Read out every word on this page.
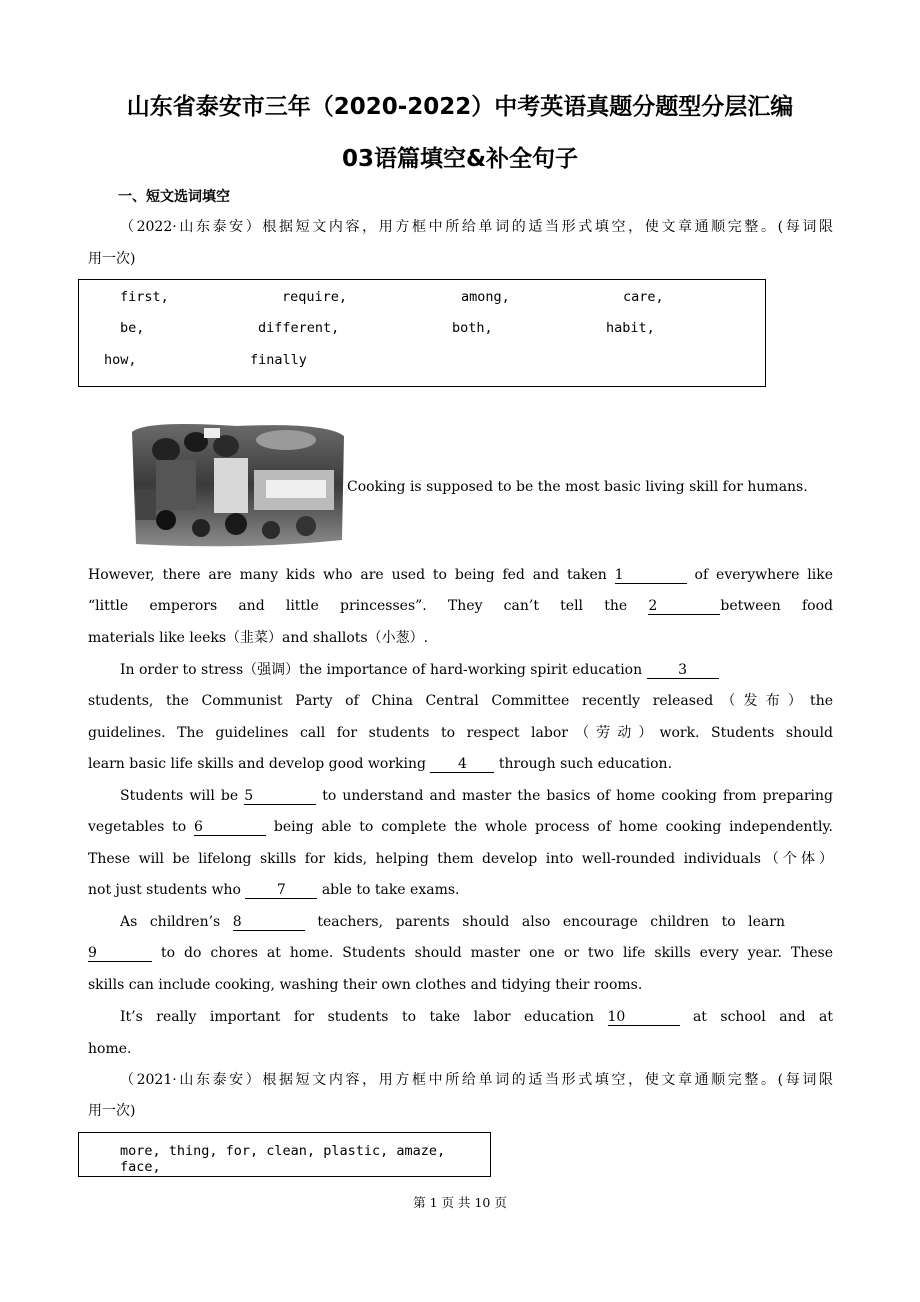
山东省泰安市三年（2020-2022）中考英语真题分题型分层汇编
03语篇填空&补全句子
一、短文选词填空
（2022·山东泰安）根据短文内容，用方框中所给单词的适当形式填空，使文章通顺完整。(每词限
用一次)
first,	require,	among,	care,
be,	different,	both,	habit,
how,	finally
Cooking is supposed to be the most basic living skill for humans.
However, there are many kids who are used to being fed and taken 1	of everywhere like
“little emperors and little princesses”. They can’t tell the 2	between food
materials like leeks（韭菜）and shallots（小葱）.
In order to stress（强调）the importance of hard-working spirit education 3
students, the Communist Party of China Central Committee recently released（发布）the
guidelines. The guidelines call for students to respect labor（劳动）work. Students should
learn basic life skills and develop good working 4 through such education.
Students will be 5	to understand and master the basics of home cooking from preparing
vegetables to 6	being able to complete the whole process of home cooking independently.
These will be lifelong skills for kids, helping them develop into well-rounded individuals（个体）
not just students who 7 able to take exams.
As children’s 8	teachers, parents should also encourage children to learn
9	to do chores at home. Students should master one or two life skills every year. These
skills can include cooking, washing their own clothes and tidying their rooms.
It’s really important for students to take labor education 10	at school and at
home.
（2021·山东泰安）根据短文内容，用方框中所给单词的适当形式填空，使文章通顺完整。(每词限
用一次)
more, thing, for, clean, plastic, amaze, face,
第 1 页 共 10 页
